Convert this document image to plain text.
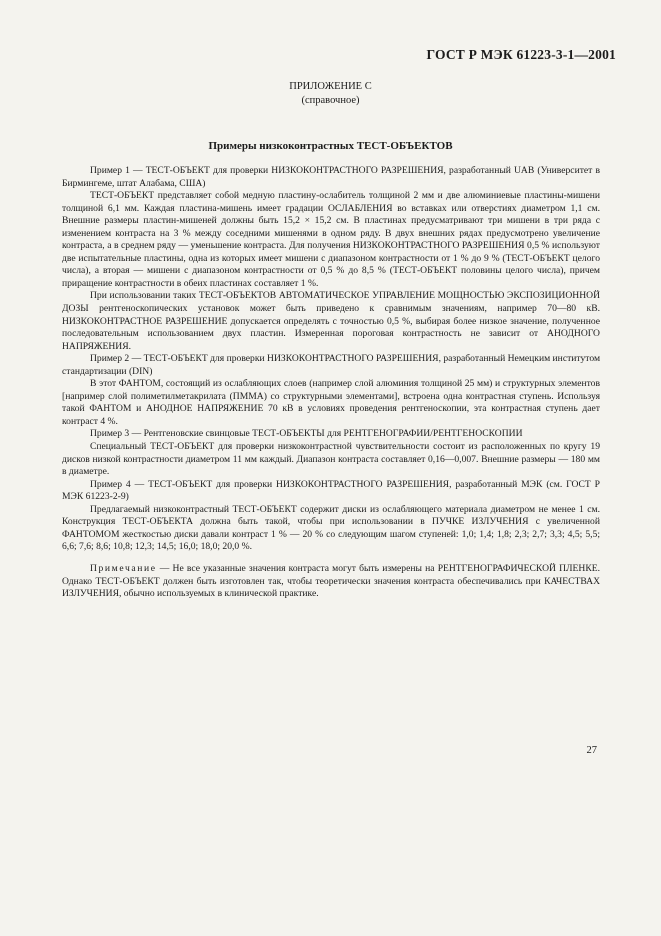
ГОСТ Р МЭК 61223-3-1—2001
ПРИЛОЖЕНИЕ С
(справочное)
Примеры низкоконтрастных ТЕСТ-ОБЪЕКТОВ

Пример 1 — ТЕСТ-ОБЪЕКТ для проверки НИЗКОКОНТРАСТНОГО РАЗРЕШЕНИЯ, разработанный UAB (Университет в Бирмингеме, штат Алабама, США)

ТЕСТ-ОБЪЕКТ представляет собой медную пластину-ослабитель толщиной 2 мм и две алюминиевые пластины-мишени толщиной 6,1 мм. Каждая пластина-мишень имеет градации ОСЛАБЛЕНИЯ во вставках или отверстиях диаметром 1,1 см. Внешние размеры пластин-мишеней должны быть 15,2 × 15,2 см. В пластинах предусматривают три мишени в три ряда с изменением контраста на 3 % между соседними мишенями в одном ряду. В двух внешних рядах предусмотрено увеличение контраста, а в среднем ряду — уменьшение контраста. Для получения НИЗКОКОНТРАСТНОГО РАЗРЕШЕНИЯ 0,5 % используют две испытательные пластины, одна из которых имеет мишени с диапазоном контрастности от 1 % до 9 % (ТЕСТ-ОБЪЕКТ целого числа), а вторая — мишени с диапазоном контрастности от 0,5 % до 8,5 % (ТЕСТ-ОБЪЕКТ половины целого числа), причем приращение контрастности в обеих пластинах составляет 1 %.

При использовании таких ТЕСТ-ОБЪЕКТОВ АВТОМАТИЧЕСКОЕ УПРАВЛЕНИЕ МОЩНОСТЬЮ ЭКСПОЗИЦИОННОЙ ДОЗЫ рентгеноскопических установок может быть приведено к сравнимым значениям, например 70—80 кВ. НИЗКОКОНТРАСТНОЕ РАЗРЕШЕНИЕ допускается определять с точностью 0,5 %, выбирая более низкое значение, полученное последовательным использованием двух пластин. Измеренная пороговая контрастность не зависит от АНОДНОГО НАПРЯЖЕНИЯ.

Пример 2 — ТЕСТ-ОБЪЕКТ для проверки НИЗКОКОНТРАСТНОГО РАЗРЕШЕНИЯ, разработанный Немецким институтом стандартизации (DIN)

В этот ФАНТОМ, состоящий из ослабляющих слоев (например слой алюминия толщиной 25 мм) и структурных элементов [например слой полиметилметакрилата (ПММА) со структурными элементами], встроена одна контрастная ступень. Используя такой ФАНТОМ и АНОДНОЕ НАПРЯЖЕНИЕ 70 кВ в условиях проведения рентгеноскопии, эта контрастная ступень дает контраст 4 %.

Пример 3 — Рентгеновские свинцовые ТЕСТ-ОБЪЕКТЫ для РЕНТГЕНОГРАФИИ/РЕНТГЕНОСКОПИИ

Специальный ТЕСТ-ОБЪЕКТ для проверки низкоконтрастной чувствительности состоит из расположенных по кругу 19 дисков низкой контрастности диаметром 11 мм каждый. Диапазон контраста составляет 0,16—0,007. Внешние размеры — 180 мм в диаметре.

Пример 4 — ТЕСТ-ОБЪЕКТ для проверки НИЗКОКОНТРАСТНОГО РАЗРЕШЕНИЯ, разработанный МЭК (см. ГОСТ Р МЭК 61223-2-9)

Предлагаемый низкоконтрастный ТЕСТ-ОБЪЕКТ содержит диски из ослабляющего материала диаметром не менее 1 см. Конструкция ТЕСТ-ОБЪЕКТА должна быть такой, чтобы при использовании в ПУЧКЕ ИЗЛУЧЕНИЯ с увеличенной ФАНТОМОМ жесткостью диски давали контраст 1 % — 20 % со следующим шагом ступеней: 1,0; 1,4; 1,8; 2,3; 2,7; 3,3; 4,5; 5,5; 6,6; 7,6; 8,6; 10,8; 12,3; 14,5; 16,0; 18,0; 20,0 %.

Примечание — Не все указанные значения контраста могут быть измерены на РЕНТГЕНОГРАФИЧЕСКОЙ ПЛЕНКЕ. Однако ТЕСТ-ОБЪЕКТ должен быть изготовлен так, чтобы теоретически значения контраста обеспечивались при КАЧЕСТВАХ ИЗЛУЧЕНИЯ, обычно используемых в клинической практике.

27
